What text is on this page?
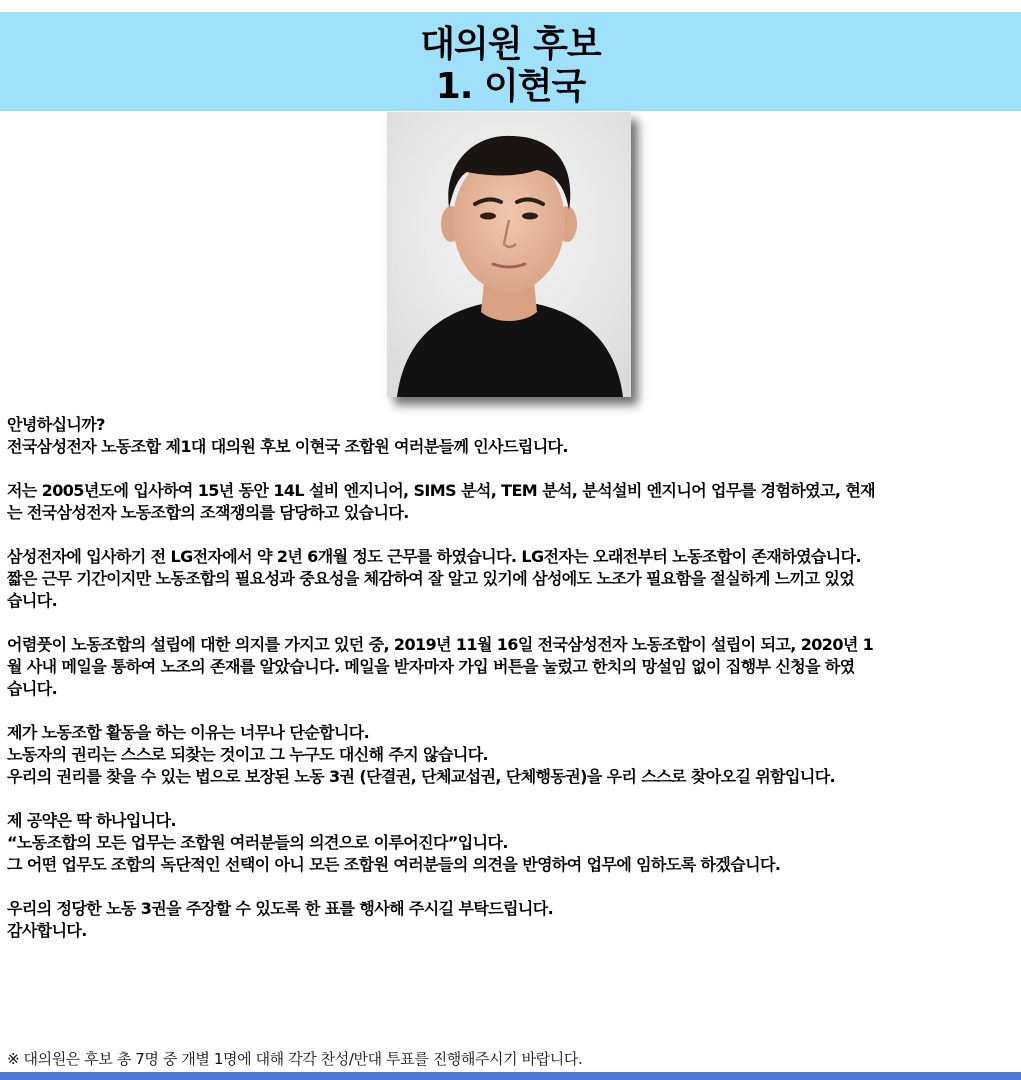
대의원 후보
1. 이현국

안녕하십니까?
전국삼성전자 노동조합 제1대 대의원 후보 이현국 조합원 여러분들께 인사드립니다.

저는 2005년도에 입사하여 15년 동안 14L 설비 엔지니어, SIMS 분석, TEM 분석, 분석설비 엔지니어 업무를 경험하였고, 현재
는 전국삼성전자 노동조합의 조잭쟁의를 담당하고 있습니다.

삼성전자에 입사하기 전 LG전자에서 약 2년 6개월 정도 근무를 하였습니다. LG전자는 오래전부터 노동조합이 존재하였습니다.
짧은 근무 기간이지만 노동조합의 필요성과 중요성을 체감하여 잘 알고 있기에 삼성에도 노조가 필요함을 절실하게 느끼고 있었
습니다.

어렴풋이 노동조합의 설립에 대한 의지를 가지고 있던 중, 2019년 11월 16일 전국삼성전자 노동조합이 설립이 되고, 2020년 1
월 사내 메일을 통하여 노조의 존재를 알았습니다. 메일을 받자마자 가입 버튼을 눌렀고 한치의 망설임 없이 집행부 신청을 하였
습니다.

제가 노동조합 활동을 하는 이유는 너무나 단순합니다.
노동자의 권리는 스스로 되찾는 것이고 그 누구도 대신해 주지 않습니다.
우리의 권리를 찾을 수 있는 법으로 보장된 노동 3권 (단결권, 단체교섭권, 단체행동권)을 우리 스스로 찾아오길 위함입니다.

제 공약은 딱 하나입니다.
“노동조합의 모든 업무는 조합원 여러분들의 의견으로 이루어진다”입니다.
그 어떤 업무도 조합의 독단적인 선택이 아니 모든 조합원 여러분들의 의견을 반영하여 업무에 임하도록 하겠습니다.

우리의 정당한 노동 3권을 주장할 수 있도록 한 표를 행사해 주시길 부탁드립니다.
감사합니다.

※ 대의원은 후보 총 7명 중 개별 1명에 대해 각각 찬성/반대 투표를 진행해주시기 바랍니다.
